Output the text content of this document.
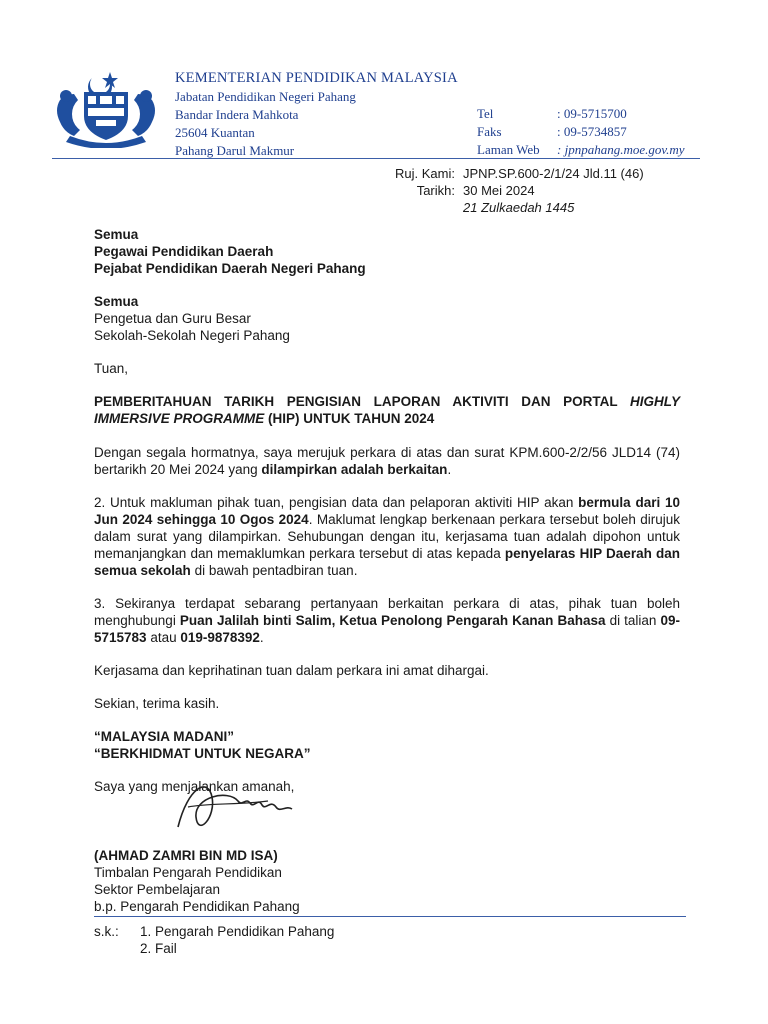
KEMENTERIAN PENDIDIKAN MALAYSIA
Jabatan Pendidikan Negeri Pahang
Bandar Indera Mahkota
25604 Kuantan
Pahang Darul Makmur
Tel	: 09-5715700
Faks	: 09-5734857
Laman Web	: jpnpahang.moe.gov.my
Ruj. Kami: JPNP.SP.600-2/1/24 Jld.11 (46)
Tarikh: 30 Mei 2024
21 Zulkaedah 1445
Semua
Pegawai Pendidikan Daerah
Pejabat Pendidikan Daerah Negeri Pahang
Semua
Pengetua dan Guru Besar
Sekolah-Sekolah Negeri Pahang
Tuan,
PEMBERITAHUAN TARIKH PENGISIAN LAPORAN AKTIVITI DAN PORTAL HIGHLY IMMERSIVE PROGRAMME (HIP) UNTUK TAHUN 2024

Dengan segala hormatnya, saya merujuk perkara di atas dan surat KPM.600-2/2/56 JLD14 (74) bertarikh 20 Mei 2024 yang dilampirkan adalah berkaitan.

2. Untuk makluman pihak tuan, pengisian data dan pelaporan aktiviti HIP akan bermula dari 10 Jun 2024 sehingga 10 Ogos 2024. Maklumat lengkap berkenaan perkara tersebut boleh dirujuk dalam surat yang dilampirkan. Sehubungan dengan itu, kerjasama tuan adalah dipohon untuk memanjangkan dan memaklumkan perkara tersebut di atas kepada penyelaras HIP Daerah dan semua sekolah di bawah pentadbiran tuan.

3. Sekiranya terdapat sebarang pertanyaan berkaitan perkara di atas, pihak tuan boleh menghubungi Puan Jalilah binti Salim, Ketua Penolong Pengarah Kanan Bahasa di talian 09-5715783 atau 019-9878392.

Kerjasama dan keprihatinan tuan dalam perkara ini amat dihargai.

Sekian, terima kasih.

“MALAYSIA MADANI”
“BERKHIDMAT UNTUK NEGARA”
Saya yang menjalankan amanah,
(AHMAD ZAMRI BIN MD ISA)
Timbalan Pengarah Pendidikan
Sektor Pembelajaran
b.p. Pengarah Pendidikan Pahang
s.k.:	1. Pengarah Pendidikan Pahang
2. Fail
